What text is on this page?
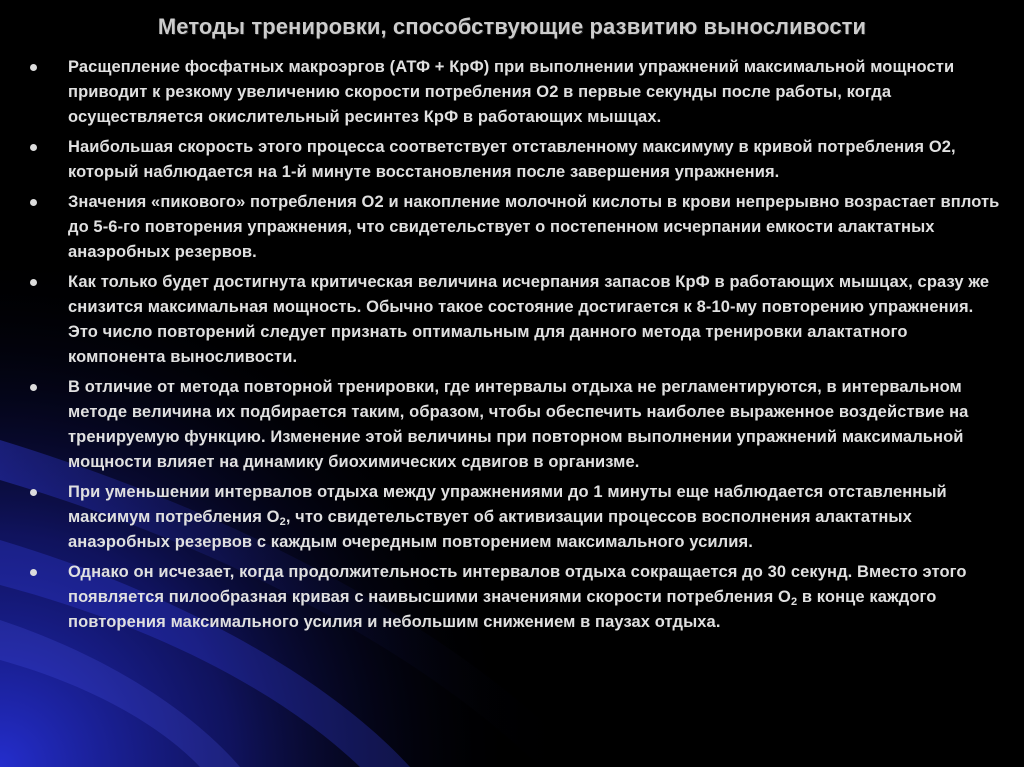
Методы тренировки, способствующие развитию выносливости
Расщепление фосфатных макроэргов (АТФ + КрФ) при выполнении упражнений максимальной мощности приводит к резкому увеличению скорости потребления О2 в первые секунды после работы, когда осуществляется окислительный ресинтез КрФ в работающих мышцах.
Наибольшая скорость этого процесса соответствует отставленному максимуму в кривой потребления О2, который наблюдается на 1-й минуте восстановления после завершения упражнения.
Значения «пикового» потребления О2 и накопление молочной кислоты в крови непрерывно возрастает вплоть до 5-6-го повторения упражнения, что свидетельствует о постепенном исчерпании емкости алактатных анаэробных резервов.
Как только будет достигнута критическая величина исчерпания запасов КрФ в работающих мышцах, сразу же снизится максимальная мощность. Обычно такое состояние достигается к 8-10-му повторению упражнения. Это число повторений следует признать оптимальным для данного метода тренировки алактатного компонента выносливости.
В отличие от метода повторной тренировки, где интервалы отдыха не регламентируются, в интервальном методе величина их подбирается таким, образом, чтобы обеспечить наиболее выраженное воздействие на тренируемую функцию. Изменение этой величины при повторном выполнении упражнений максимальной мощности влияет на динамику биохимических сдвигов в организме.
При уменьшении интервалов отдыха между упражнениями до 1 минуты еще наблюдается отставленный максимум потребления $О_2$, что свидетельствует об активизации процессов восполнения алактатных анаэробных резервов с каждым очередным повторением максимального усилия.
Однако он исчезает, когда продолжительность интервалов отдыха сокращается до 30 секунд. Вместо этого появляется пилообразная кривая с наивысшими значениями скорости потребления $О_2$ в конце каждого повторения максимального усилия и небольшим снижением в паузах отдыха.
